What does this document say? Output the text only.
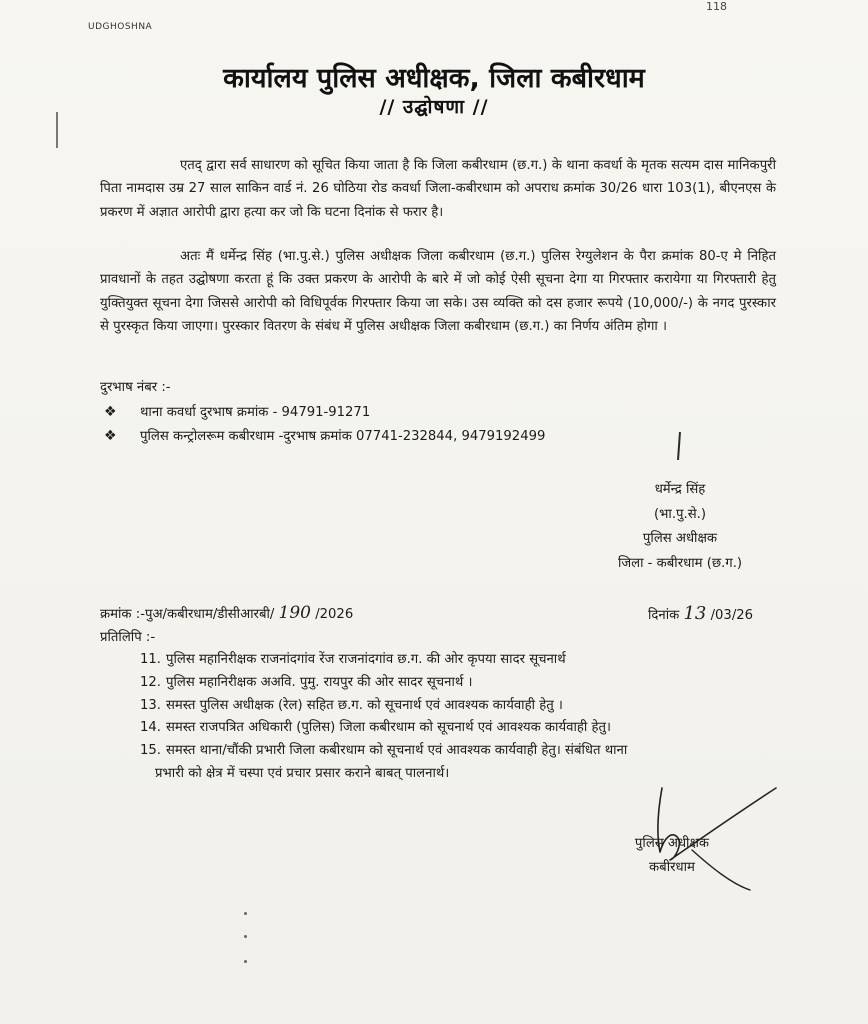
UDGHOSHNA
118
कार्यालय पुलिस अधीक्षक, जिला कबीरधाम
// उद्घोषणा //
एतद् द्वारा सर्व साधारण को सूचित किया जाता है कि जिला कबीरधाम (छ.ग.) के थाना कवर्धा के मृतक सत्यम दास मानिकपुरी पिता नामदास उम्र 27 साल साकिन वार्ड नं. 26 घोठिया रोड कवर्धा जिला-कबीरधाम को अपराध क्रमांक 30/26 धारा 103(1), बीएनएस के प्रकरण में अज्ञात आरोपी द्वारा हत्या कर जो कि घटना दिनांक से फरार है।
अतः मैं धर्मेन्द्र सिंह (भा.पु.से.) पुलिस अधीक्षक जिला कबीरधाम (छ.ग.) पुलिस रेग्युलेशन के पैरा क्रमांक 80-ए मे निहित प्रावधानों के तहत उद्घोषणा करता हूं कि उक्त प्रकरण के आरोपी के बारे में जो कोई ऐसी सूचना देगा या गिरफ्तार करायेगा या गिरफ्तारी हेतु युक्तियुक्त सूचना देगा जिससे आरोपी को विधिपूर्वक गिरफ्तार किया जा सके। उस व्यक्ति को दस हजार रूपये (10,000/-) के नगद पुरस्कार से पुरस्कृत किया जाएगा। पुरस्कार वितरण के संबंध में पुलिस अधीक्षक जिला कबीरधाम (छ.ग.) का निर्णय अंतिम होगा ।
दुरभाष नंबर :-
❖ थाना कवर्धा दुरभाष क्रमांक - 94791-91271
❖ पुलिस कन्ट्रोलरूम कबीरधाम -दुरभाष क्रमांक 07741-232844, 9479192499
धर्मेन्द्र सिंह
(भा.पु.से.)
पुलिस अधीक्षक
जिला - कबीरधाम (छ.ग.)
क्रमांक :-पुअ/कबीरधाम/डीसीआरबी/ 190 /2026	दिनांक 13 /03/26
प्रतिलिपि :-
11. पुलिस महानिरीक्षक राजनांदगांव रेंज राजनांदगांव छ.ग. की ओर कृपया सादर सूचनार्थ
12. पुलिस महानिरीक्षक अअवि. पुमु. रायपुर की ओर सादर सूचनार्थ ।
13. समस्त पुलिस अधीक्षक (रेल) सहित छ.ग. को सूचनार्थ एवं आवश्यक कार्यवाही हेतु ।
14. समस्त राजपत्रित अधिकारी (पुलिस) जिला कबीरधाम को सूचनार्थ एवं आवश्यक कार्यवाही हेतु।
15. समस्त थाना/चौंकी प्रभारी जिला कबीरधाम को सूचनार्थ एवं आवश्यक कार्यवाही हेतु। संबंधित थाना
प्रभारी को क्षेत्र में चस्पा एवं प्रचार प्रसार कराने बाबत् पालनार्थ।
पुलिस अधीक्षक
कबीरधाम
